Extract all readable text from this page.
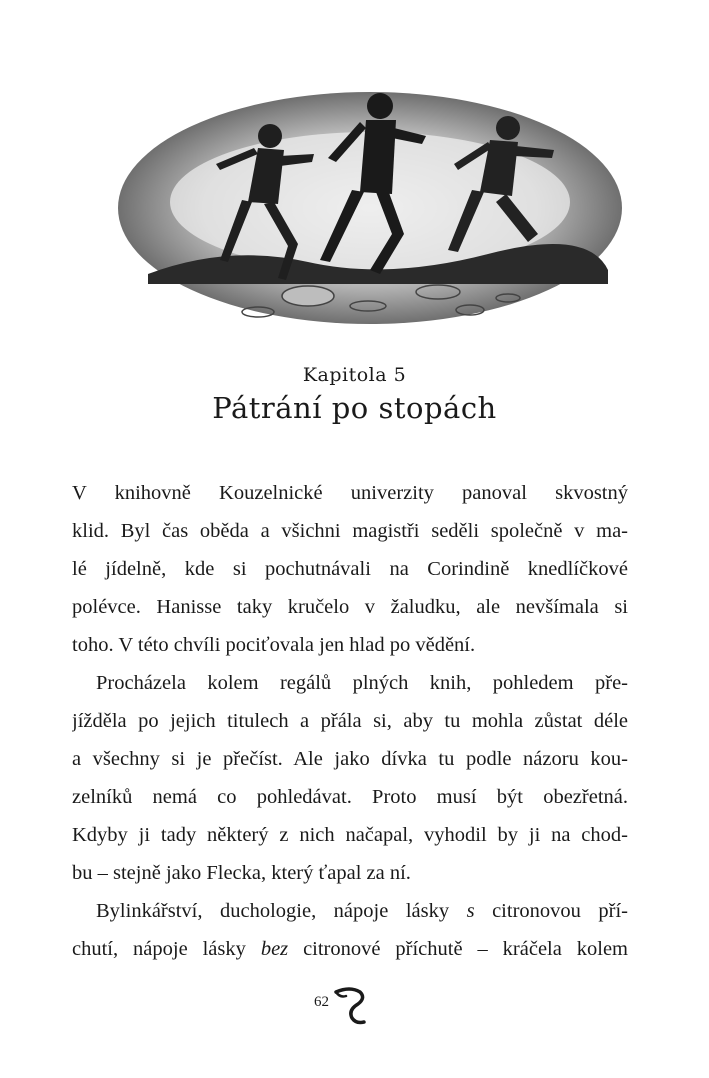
Kapitola 5
Pátrání po stopách
V knihovně Kouzelnické univerzity panoval skvostný
klid. Byl čas oběda a všichni magistři seděli společně v ma-
lé jídelně, kde si pochutnávali na Corindině knedlíčkové
polévce. Hanisse taky kručelo v žaludku, ale nevšímala si
toho. V této chvíli pociťovala jen hlad po vědění.
Procházela kolem regálů plných knih, pohledem pře-
jížděla po jejich titulech a přála si, aby tu mohla zůstat déle
a všechny si je přečíst. Ale jako dívka tu podle názoru kou-
zelníků nemá co pohledávat. Proto musí být obezřetná.
Kdyby ji tady některý z nich načapal, vyhodil by ji na chod-
bu – stejně jako Flecka, který ťapal za ní.
Bylinkářství, duchologie, nápoje lásky s citronovou pří-
chutí, nápoje lásky bez citronové příchutě – kráčela kolem
62
